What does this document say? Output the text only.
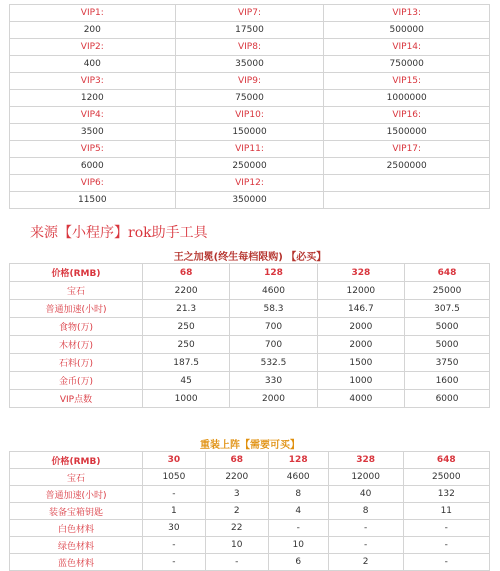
VIP1:	VIP7:	VIP13:
200	17500	500000
VIP2:	VIP8:	VIP14:
400	35000	750000
VIP3:	VIP9:	VIP15:
1200	75000	1000000
VIP4:	VIP10:	VIP16:
3500	150000	1500000
VIP5:	VIP11:	VIP17:
6000	250000	2500000
VIP6:	VIP12:	
11500	350000	
来源【小程序】rok助手工具
王之加冕(终生每档限购) 【必买】
价格(RMB)	68	128	328	648
宝石	2200	4600	12000	25000
普通加速(小时)	21.3	58.3	146.7	307.5
食物(万)	250	700	2000	5000
木材(万)	250	700	2000	5000
石料(万)	187.5	532.5	1500	3750
金币(万)	45	330	1000	1600
VIP点数	1000	2000	4000	6000
重装上阵【需要可买】
价格(RMB)	30	68	128	328	648
宝石	1050	2200	4600	12000	25000
普通加速(小时)	-	3	8	40	132
装备宝箱钥匙	1	2	4	8	11
白色材料	30	22	-	-	-
绿色材料	-	10	10	-	-
蓝色材料	-	-	6	2	-
